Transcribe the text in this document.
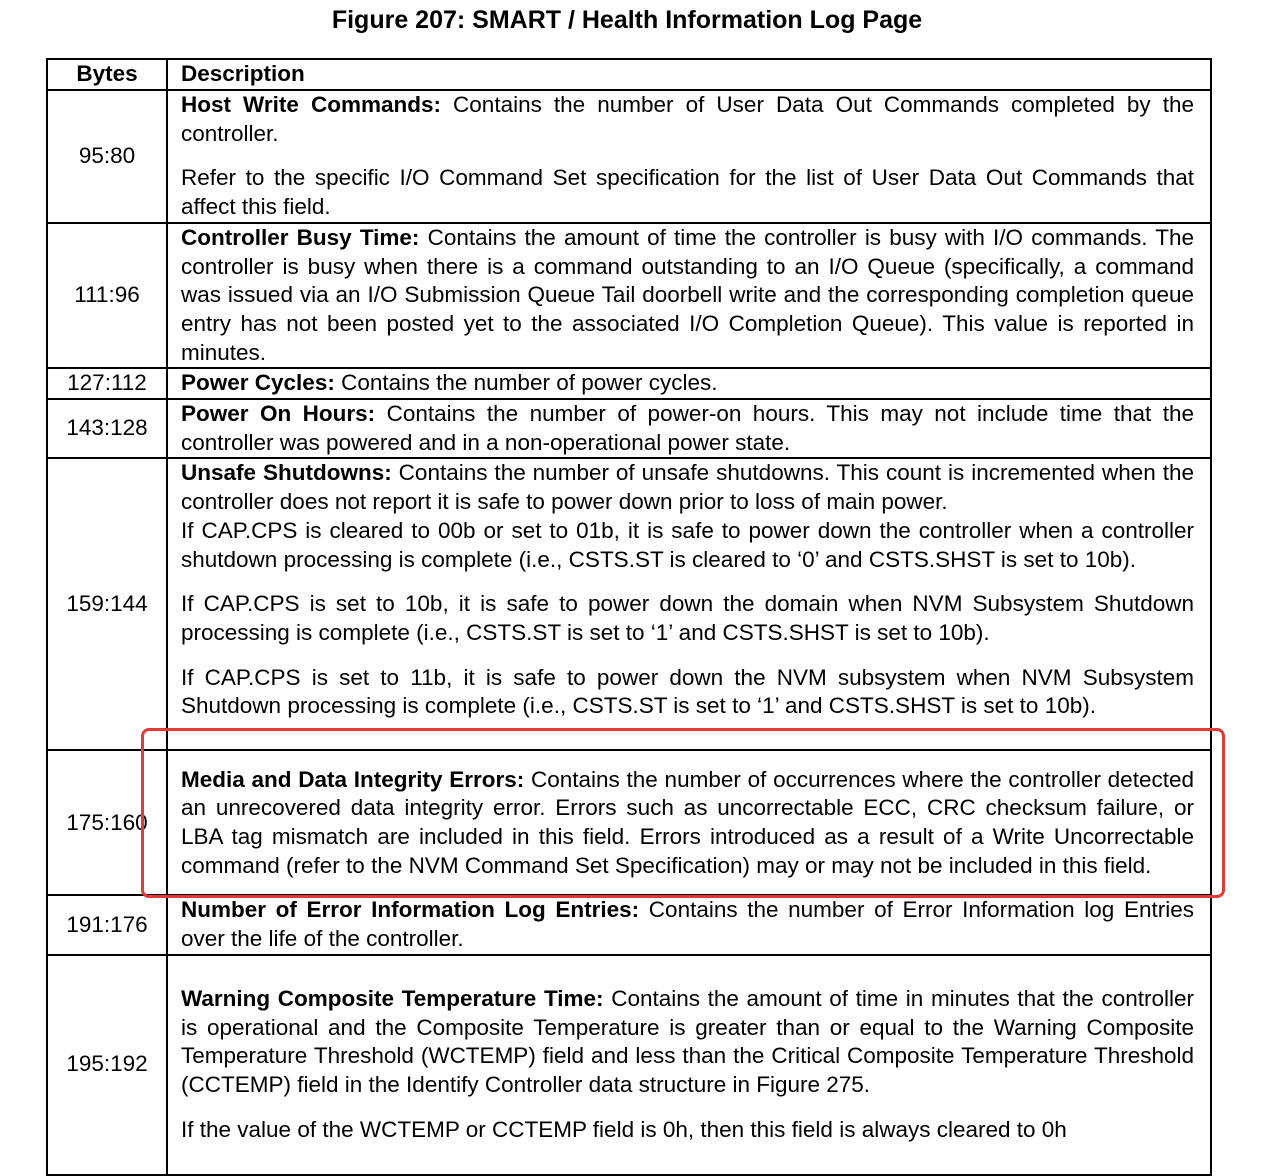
Figure 207: SMART / Health Information Log Page
Bytes	Description
95:80	Host Write Commands: Contains the number of User Data Out Commands completed by the controller.

Refer to the specific I/O Command Set specification for the list of User Data Out Commands that affect this field.

111:96	Controller Busy Time: Contains the amount of time the controller is busy with I/O commands. The controller is busy when there is a command outstanding to an I/O Queue (specifically, a command was issued via an I/O Submission Queue Tail doorbell write and the corresponding completion queue entry has not been posted yet to the associated I/O Completion Queue). This value is reported in minutes.

127:112	Power Cycles: Contains the number of power cycles.

143:128	Power On Hours: Contains the number of power-on hours. This may not include time that the controller was powered and in a non-operational power state.

159:144	Unsafe Shutdowns: Contains the number of unsafe shutdowns. This count is incremented when the controller does not report it is safe to power down prior to loss of main power.

If CAP.CPS is cleared to 00b or set to 01b, it is safe to power down the controller when a controller shutdown processing is complete (i.e., CSTS.ST is cleared to ‘0’ and CSTS.SHST is set to 10b).

If CAP.CPS is set to 10b, it is safe to power down the domain when NVM Subsystem Shutdown processing is complete (i.e., CSTS.ST is set to ‘1’ and CSTS.SHST is set to 10b).

If CAP.CPS is set to 11b, it is safe to power down the NVM subsystem when NVM Subsystem Shutdown processing is complete (i.e., CSTS.ST is set to ‘1’ and CSTS.SHST is set to 10b).

175:160	Media and Data Integrity Errors: Contains the number of occurrences where the controller detected an unrecovered data integrity error. Errors such as uncorrectable ECC, CRC checksum failure, or LBA tag mismatch are included in this field. Errors introduced as a result of a Write Uncorrectable command (refer to the NVM Command Set Specification) may or may not be included in this field.

191:176	Number of Error Information Log Entries: Contains the number of Error Information log Entries over the life of the controller.

195:192	Warning Composite Temperature Time: Contains the amount of time in minutes that the controller is operational and the Composite Temperature is greater than or equal to the Warning Composite Temperature Threshold (WCTEMP) field and less than the Critical Composite Temperature Threshold (CCTEMP) field in the Identify Controller data structure in Figure 275.

If the value of the WCTEMP or CCTEMP field is 0h, then this field is always cleared to 0h
